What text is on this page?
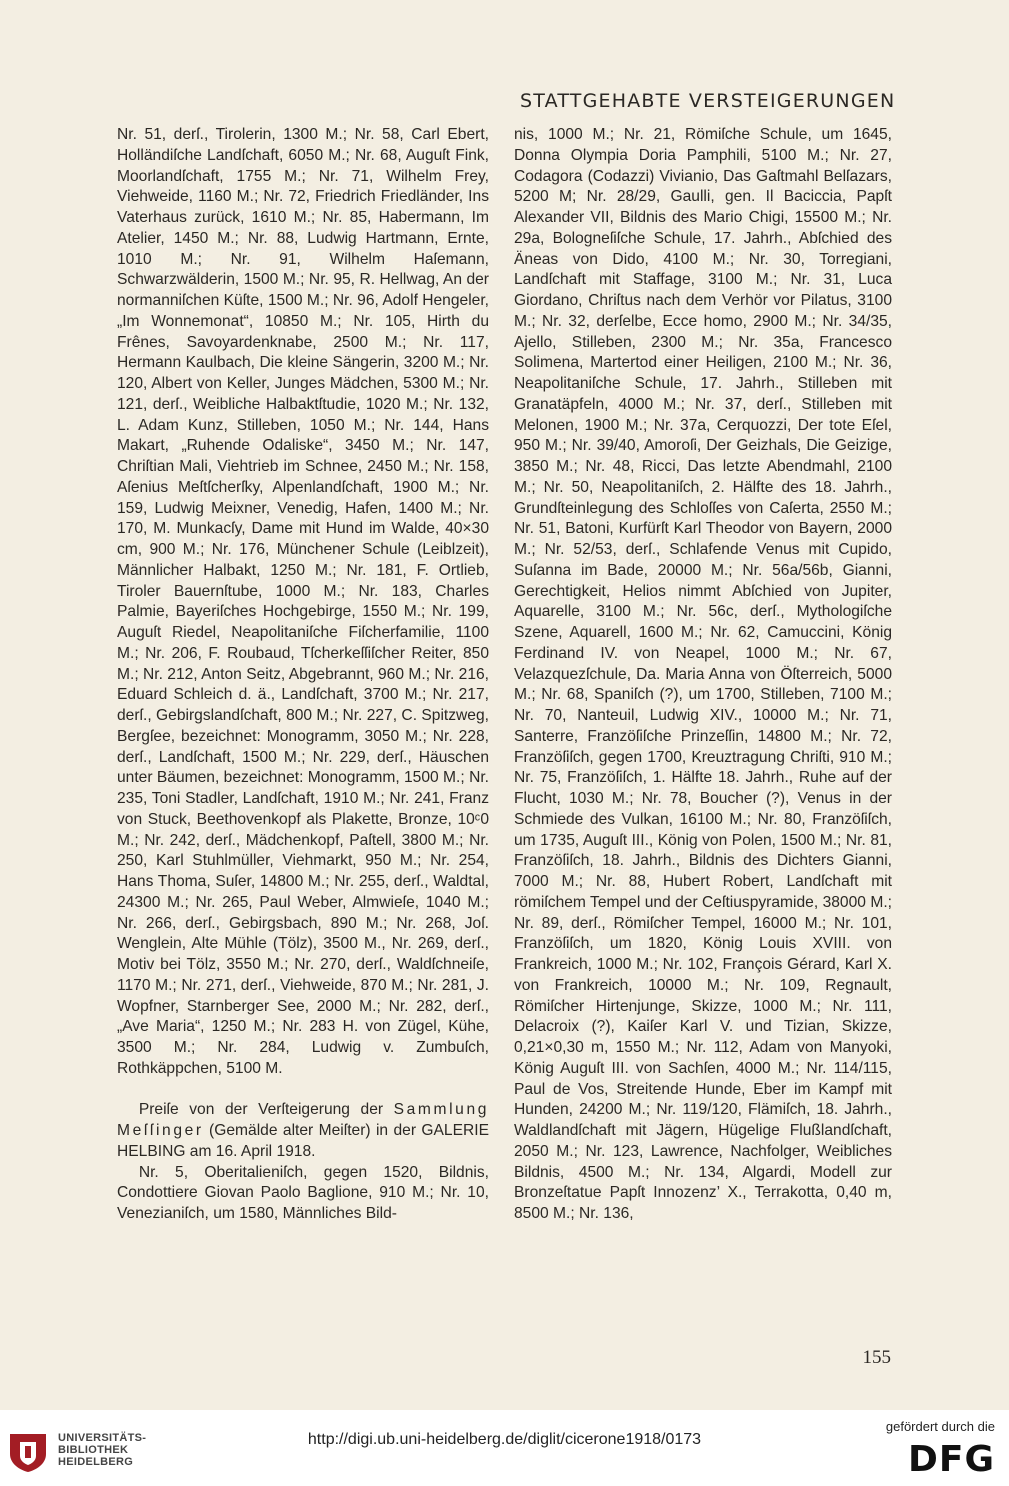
STATTGEHABTE VERSTEIGERUNGEN

Nr. 51, derſ., Tirolerin, 1300 M.; Nr. 58, Carl Ebert, Holländiſche Landſchaft, 6050 M.; Nr. 68, Auguſt Fink, Moorlandſchaft, 1755 M.; Nr. 71, Wilhelm Frey, Viehweide, 1160 M.; Nr. 72, Friedrich Friedländer, Ins Vaterhaus zurück, 1610 M.; Nr. 85, Habermann, Im Atelier, 1450 M.; Nr. 88, Ludwig Hartmann, Ernte, 1010 M.; Nr. 91, Wilhelm Haſemann, Schwarzwälderin, 1500 M.; Nr. 95, R. Hellwag, An der normanniſchen Küſte, 1500 M.; Nr. 96, Adolf Hengeler, „Im Wonnemonat“, 10850 M.; Nr. 105, Hirth du Frênes, Savoyardenknabe, 2500 M.; Nr. 117, Hermann Kaulbach, Die kleine Sängerin, 3200 M.; Nr. 120, Albert von Keller, Junges Mädchen, 5300 M.; Nr. 121, derſ., Weibliche Halbaktſtudie, 1020 M.; Nr. 132, L. Adam Kunz, Stilleben, 1050 M.; Nr. 144, Hans Makart, „Ruhende Odaliske“, 3450 M.; Nr. 147, Chriſtian Mali, Viehtrieb im Schnee, 2450 M.; Nr. 158, Aſenius Meſtſcherſky, Alpenlandſchaft, 1900 M.; Nr. 159, Ludwig Meixner, Venedig, Hafen, 1400 M.; Nr. 170, M. Munkacſy, Dame mit Hund im Walde, 40×30 cm, 900 M.; Nr. 176, Münchener Schule (Leiblzeit), Männlicher Halbakt, 1250 M.; Nr. 181, F. Ortlieb, Tiroler Bauernſtube, 1000 M.; Nr. 183, Charles Palmie, Bayeriſches Hochgebirge, 1550 M.; Nr. 199, Auguſt Riedel, Neapolitaniſche Fiſcherfamilie, 1100 M.; Nr. 206, F. Roubaud, Tſcherkeſſiſcher Reiter, 850 M.; Nr. 212, Anton Seitz, Abgebrannt, 960 M.; Nr. 216, Eduard Schleich d. ä., Landſchaft, 3700 M.; Nr. 217, derſ., Gebirgslandſchaft, 800 M.; Nr. 227, C. Spitzweg, Bergſee, bezeichnet: Monogramm, 3050 M.; Nr. 228, derſ., Landſchaft, 1500 M.; Nr. 229, derſ., Häuschen unter Bäumen, bezeichnet: Monogramm, 1500 M.; Nr. 235, Toni Stadler, Landſchaft, 1910 M.; Nr. 241, Franz von Stuck, Beethovenkopf als Plakette, Bronze, 10ᶜ0 M.; Nr. 242, derſ., Mädchenkopf, Paſtell, 3800 M.; Nr. 250, Karl Stuhlmüller, Viehmarkt, 950 M.; Nr. 254, Hans Thoma, Suſer, 14800 M.; Nr. 255, derſ., Waldtal, 24300 M.; Nr. 265, Paul Weber, Almwieſe, 1040 M.; Nr. 266, derſ., Gebirgsbach, 890 M.; Nr. 268, Joſ. Wenglein, Alte Mühle (Tölz), 3500 M., Nr. 269, derſ., Motiv bei Tölz, 3550 M.; Nr. 270, derſ., Waldſchneiſe, 1170 M.; Nr. 271, derſ., Viehweide, 870 M.; Nr. 281, J. Wopfner, Starnberger See, 2000 M.; Nr. 282, derſ., „Ave Maria“, 1250 M.; Nr. 283 H. von Zügel, Kühe, 3500 M.; Nr. 284, Ludwig v. Zumbuſch, Rothkäppchen, 5100 M.

Preiſe von der Verſteigerung der Sammlung Meſſinger (Gemälde alter Meiſter) in der GALERIE HELBING am 16. April 1918.

Nr. 5, Oberitalieniſch, gegen 1520, Bildnis, Condottiere Giovan Paolo Baglione, 910 M.; Nr. 10, Venezianiſch, um 1580, Männliches Bild-

nis, 1000 M.; Nr. 21, Römiſche Schule, um 1645, Donna Olympia Doria Pamphili, 5100 M.; Nr. 27, Codagora (Codazzi) Vivianio, Das Gaſtmahl Belſazars, 5200 M; Nr. 28/29, Gaulli, gen. Il Baciccia, Papſt Alexander VII, Bildnis des Mario Chigi, 15500 M.; Nr. 29a, Bologneſiſche Schule, 17. Jahrh., Abſchied des Äneas von Dido, 4100 M.; Nr. 30, Torregiani, Landſchaft mit Staffage, 3100 M.; Nr. 31, Luca Giordano, Chriſtus nach dem Verhör vor Pilatus, 3100 M.; Nr. 32, derſelbe, Ecce homo, 2900 M.; Nr. 34/35, Ajello, Stilleben, 2300 M.; Nr. 35a, Francesco Solimena, Martertod einer Heiligen, 2100 M.; Nr. 36, Neapolitaniſche Schule, 17. Jahrh., Stilleben mit Granatäpfeln, 4000 M.; Nr. 37, derſ., Stilleben mit Melonen, 1900 M.; Nr. 37a, Cerquozzi, Der tote Eſel, 950 M.; Nr. 39/40, Amoroſi, Der Geizhals, Die Geizige, 3850 M.; Nr. 48, Ricci, Das letzte Abendmahl, 2100 M.; Nr. 50, Neapolitaniſch, 2. Hälfte des 18. Jahrh., Grundſteinlegung des Schloſſes von Caſerta, 2550 M.; Nr. 51, Batoni, Kurfürſt Karl Theodor von Bayern, 2000 M.; Nr. 52/53, derſ., Schlafende Venus mit Cupido, Suſanna im Bade, 20000 M.; Nr. 56a/56b, Gianni, Gerechtigkeit, Helios nimmt Abſchied von Jupiter, Aquarelle, 3100 M.; Nr. 56c, derſ., Mythologiſche Szene, Aquarell, 1600 M.; Nr. 62, Camuccini, König Ferdinand IV. von Neapel, 1000 M.; Nr. 67, Velazquezſchule, Da. Maria Anna von Öſterreich, 5000 M.; Nr. 68, Spaniſch (?), um 1700, Stilleben, 7100 M.; Nr. 70, Nanteuil, Ludwig XIV., 10000 M.; Nr. 71, Santerre, Franzöſiſche Prinzeſſin, 14800 M.; Nr. 72, Franzöſiſch, gegen 1700, Kreuztragung Chriſti, 910 M.; Nr. 75, Franzöſiſch, 1. Hälfte 18. Jahrh., Ruhe auf der Flucht, 1030 M.; Nr. 78, Boucher (?), Venus in der Schmiede des Vulkan, 16100 M.; Nr. 80, Franzöſiſch, um 1735, Auguſt III., König von Polen, 1500 M.; Nr. 81, Franzöſiſch, 18. Jahrh., Bildnis des Dichters Gianni, 7000 M.; Nr. 88, Hubert Robert, Landſchaft mit römiſchem Tempel und der Ceſtiuspyramide, 38000 M.; Nr. 89, derſ., Römiſcher Tempel, 16000 M.; Nr. 101, Franzöſiſch, um 1820, König Louis XVIII. von Frankreich, 1000 M.; Nr. 102, François Gérard, Karl X. von Frankreich, 10000 M.; Nr. 109, Regnault, Römiſcher Hirtenjunge, Skizze, 1000 M.; Nr. 111, Delacroix (?), Kaiſer Karl V. und Tizian, Skizze, 0,21×0,30 m, 1550 M.; Nr. 112, Adam von Manyoki, König Auguſt III. von Sachſen, 4000 M.; Nr. 114/115, Paul de Vos, Streitende Hunde, Eber im Kampf mit Hunden, 24200 M.; Nr. 119/120, Flämiſch, 18. Jahrh., Waldlandſchaft mit Jägern, Hügelige Flußlandſchaft, 2050 M.; Nr. 123, Lawrence, Nachfolger, Weibliches Bildnis, 4500 M.; Nr. 134, Algardi, Modell zur Bronzeſtatue Papſt Innozenz’ X., Terrakotta, 0,40 m, 8500 M.; Nr. 136,

155
UNIVERSITÄTS-
BIBLIOTHEK
HEIDELBERG
http://digi.ub.uni-heidelberg.de/diglit/cicerone1918/0173
gefördert durch die
DFG
